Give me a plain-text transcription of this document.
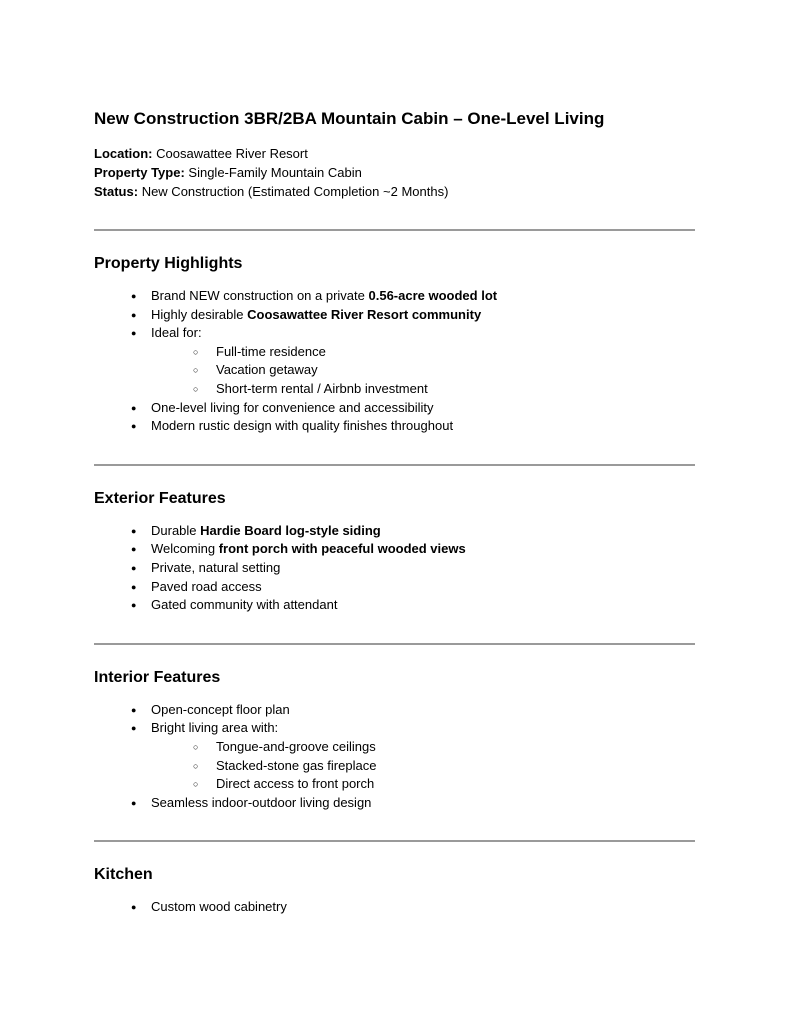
New Construction 3BR/2BA Mountain Cabin – One-Level Living
Location: Coosawattee River Resort
Property Type: Single-Family Mountain Cabin
Status: New Construction (Estimated Completion ~2 Months)
Property Highlights
● Brand NEW construction on a private 0.56-acre wooded lot
● Highly desirable Coosawattee River Resort community
● Ideal for:
○ Full-time residence
○ Vacation getaway
○ Short-term rental / Airbnb investment
● One-level living for convenience and accessibility
● Modern rustic design with quality finishes throughout
Exterior Features
● Durable Hardie Board log-style siding
● Welcoming front porch with peaceful wooded views
● Private, natural setting
● Paved road access
● Gated community with attendant
Interior Features
● Open-concept floor plan
● Bright living area with:
○ Tongue-and-groove ceilings
○ Stacked-stone gas fireplace
○ Direct access to front porch
● Seamless indoor-outdoor living design
Kitchen
● Custom wood cabinetry
